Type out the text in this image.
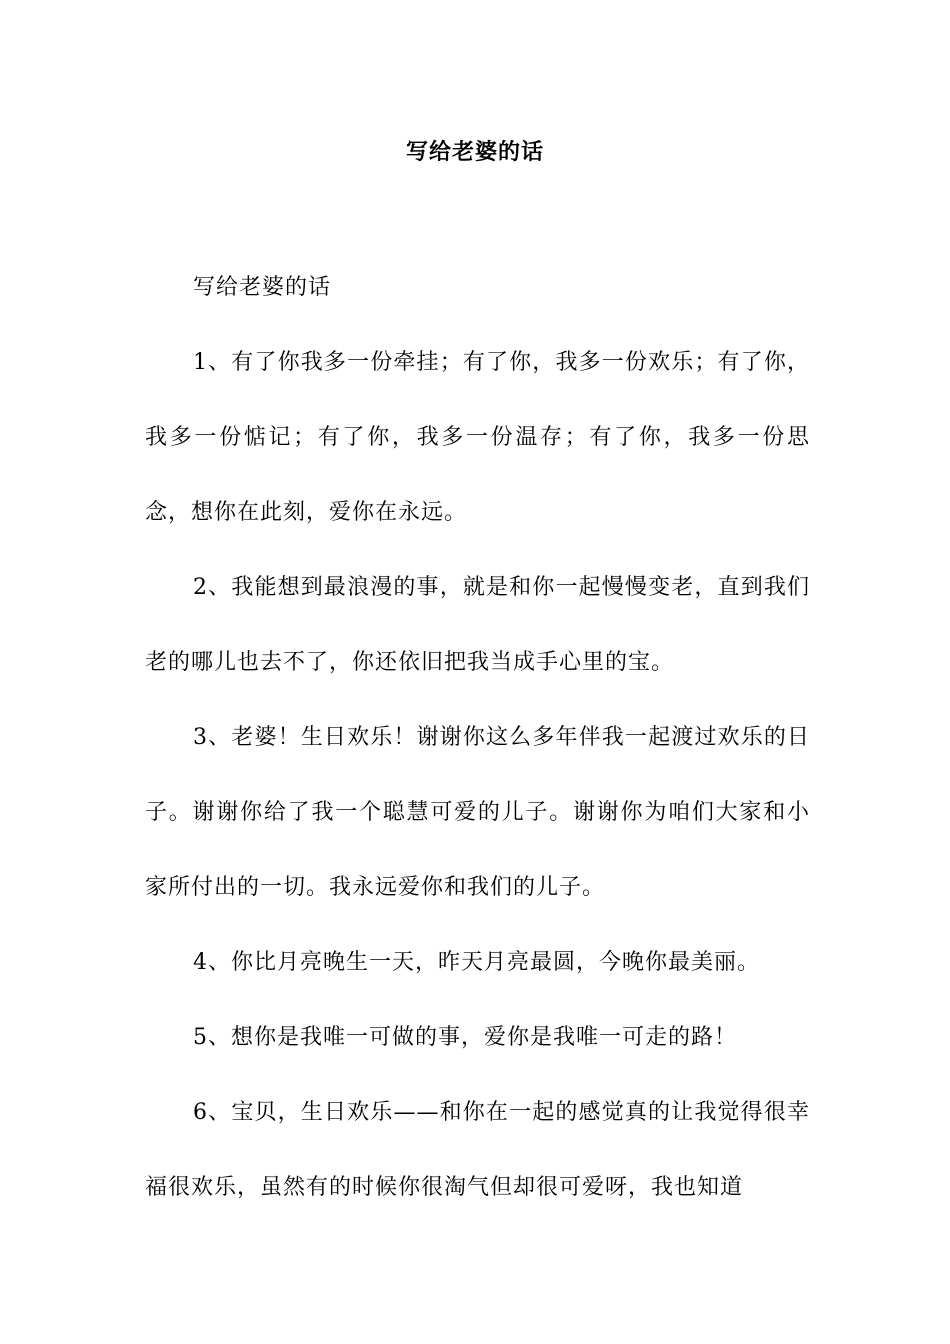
写给老婆的话

写给老婆的话

1、有了你我多一份牵挂；有了你，我多一份欢乐；有了你，我多一份惦记；有了你，我多一份温存；有了你，我多一份思念，想你在此刻，爱你在永远。

2、我能想到最浪漫的事，就是和你一起慢慢变老，直到我们老的哪儿也去不了，你还依旧把我当成手心里的宝。

3、老婆！生日欢乐！谢谢你这么多年伴我一起渡过欢乐的日子。谢谢你给了我一个聪慧可爱的儿子。谢谢你为咱们大家和小家所付出的一切。我永远爱你和我们的儿子。

4、你比月亮晚生一天，昨天月亮最圆，今晚你最美丽。

5、想你是我唯一可做的事，爱你是我唯一可走的路！

6、宝贝，生日欢乐——和你在一起的感觉真的让我觉得很幸福很欢乐，虽然有的时候你很淘气但却很可爱呀，我也知道
